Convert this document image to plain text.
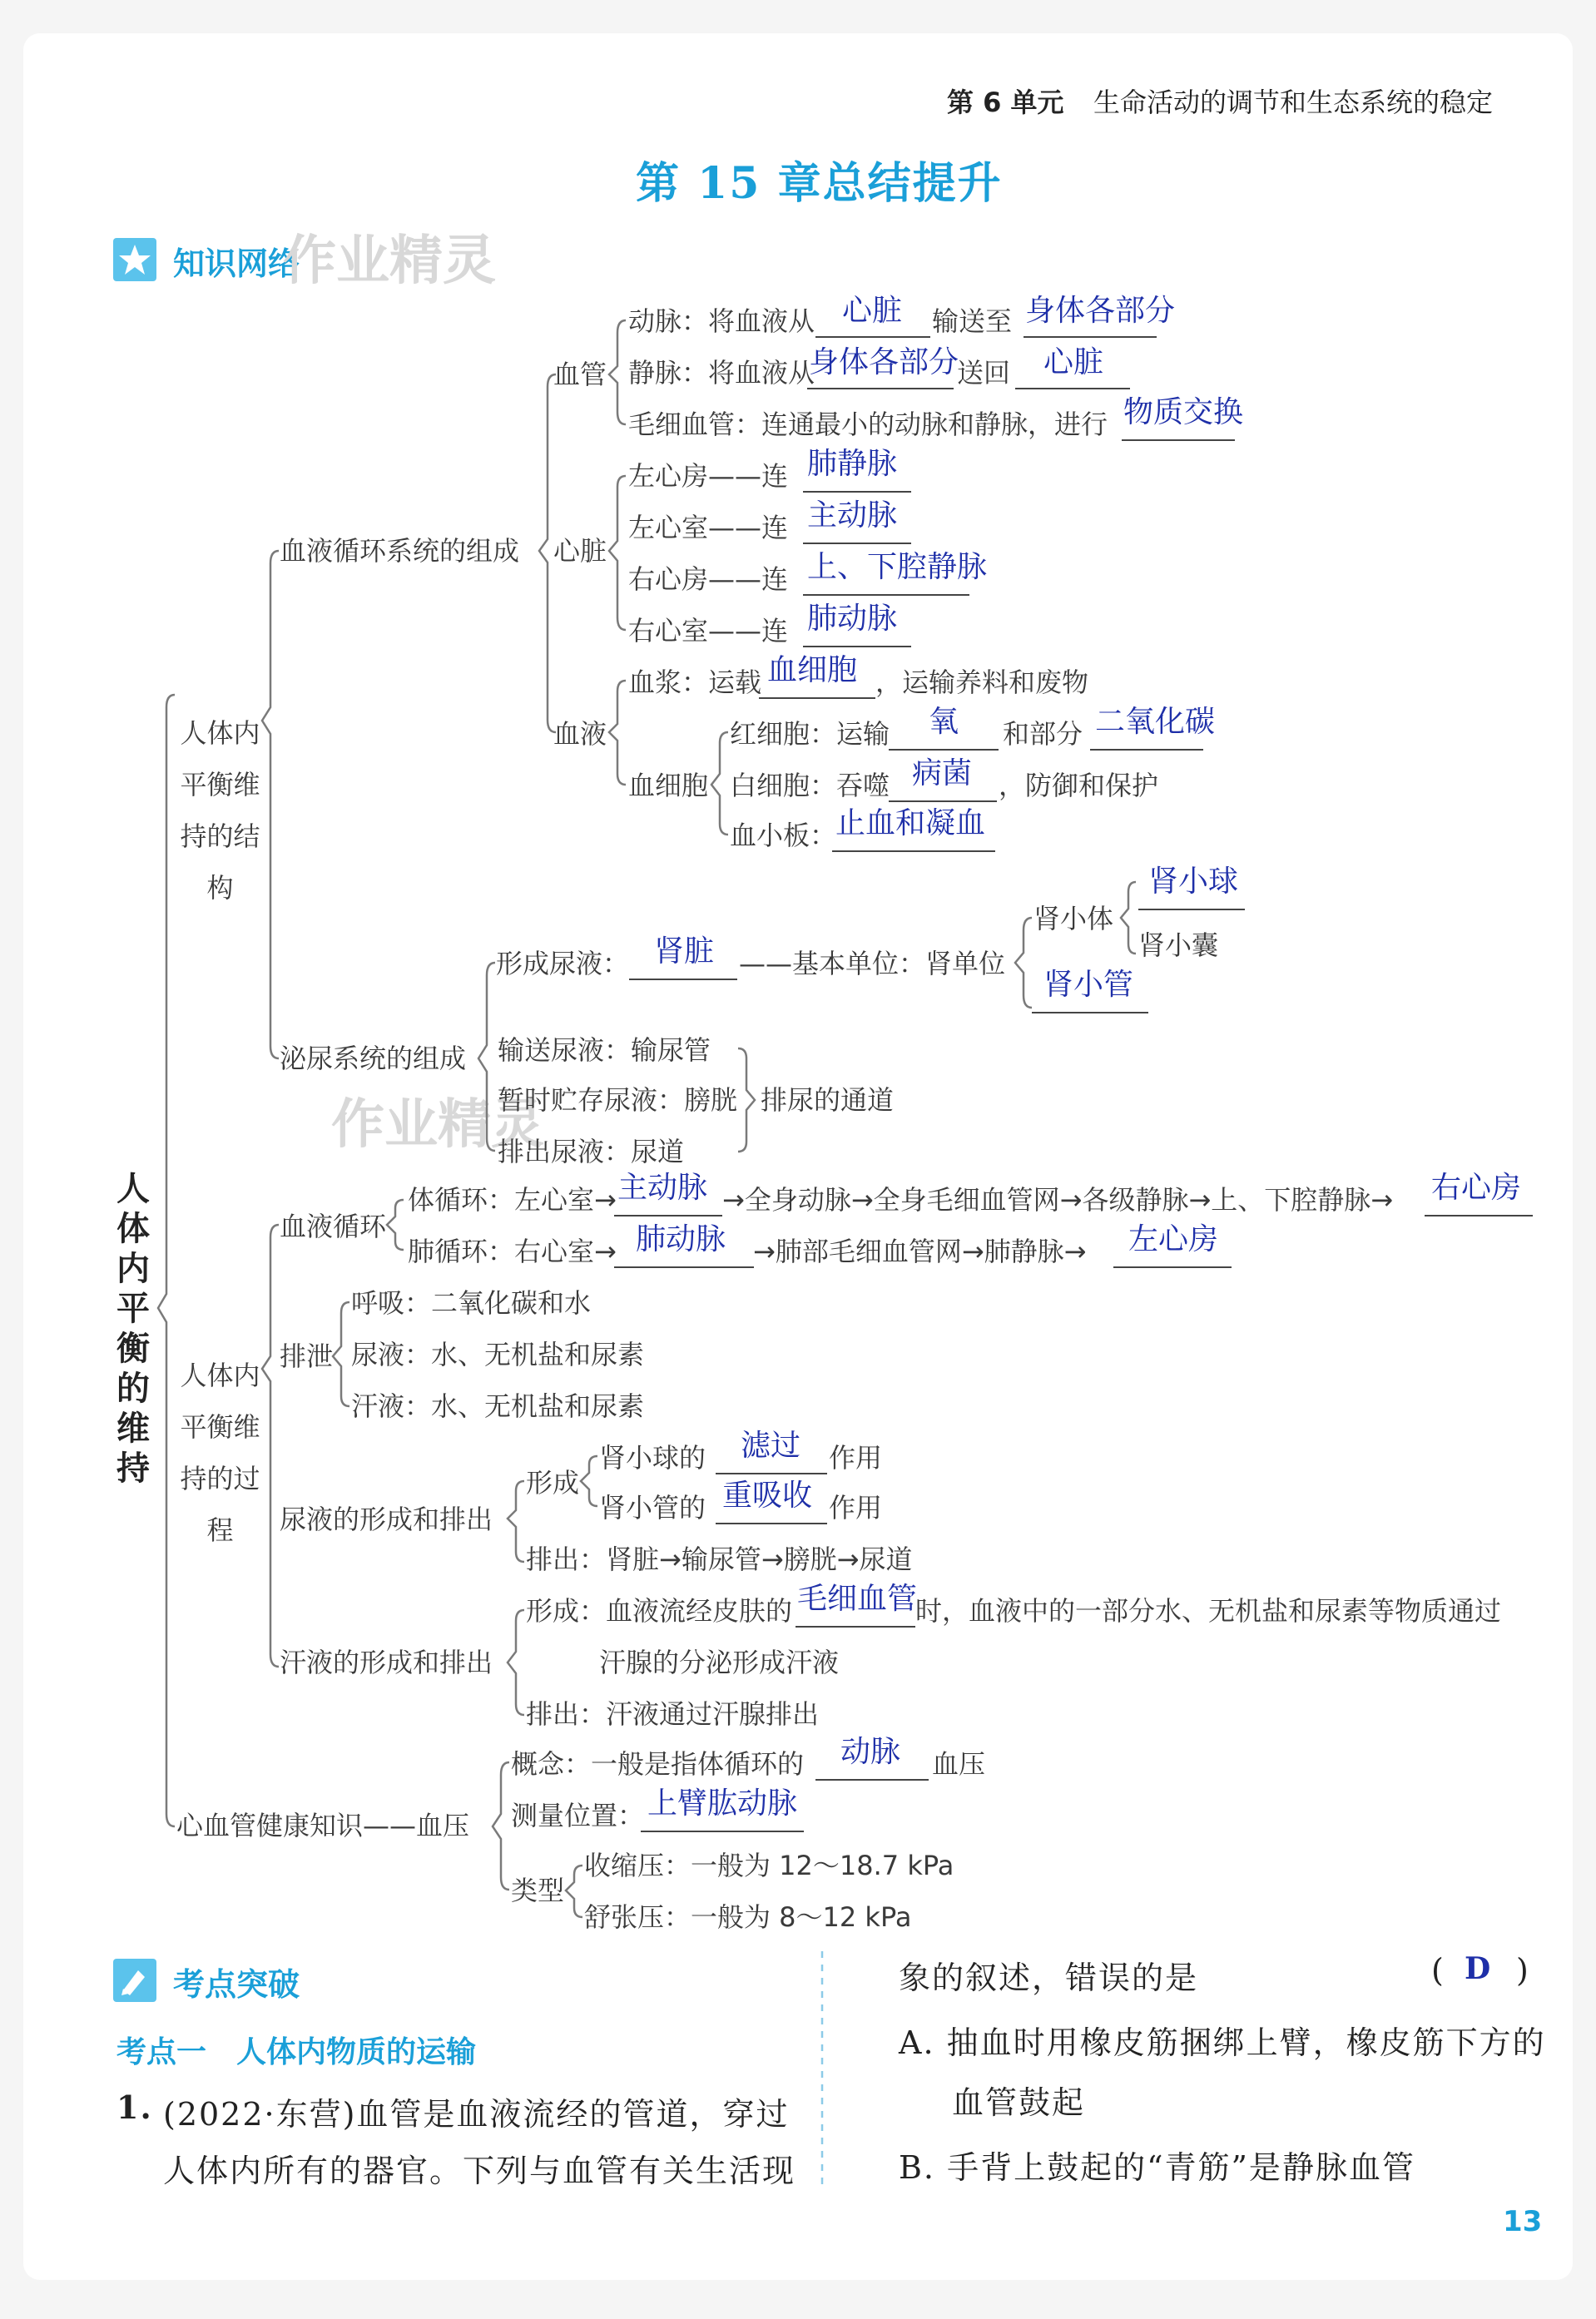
第 6 单元 生命活动的调节和生态系统的稳定
第 15 章总结提升
知识网络
作业精灵
作业精灵
人体内平衡的维持
人体内平衡维持的结构
人体内平衡维持的过程
血液循环系统的组成
血管
动脉：将血液从 心脏 输送至 身体各部分
静脉：将血液从
身体各部分
送回 心脏
毛细血管：连通最小的动脉和静脉，进行 物质交换
心脏
左心房——连 肺静脉
左心室——连 主动脉
右心房——连 上、下腔静脉
右心室——连 肺动脉
血液
血浆：运载 血细胞 ，运输养料和废物
血细胞
红细胞：运输 氧 和部分 二氧化碳
白细胞：吞噬 病菌 ，防御和保护
血小板：
止血和凝血
泌尿系统的组成
形成尿液： 肾脏 ——基本单位：肾单位
肾小体
肾小球
肾小囊
肾小管
输送尿液：输尿管
暂时贮存尿液：膀胱
排出尿液：尿道
排尿的通道
血液循环
体循环：左心室→ 主动脉 →全身动脉→全身毛细血管网→各级静脉→上、下腔静脉→ 右心房
肺循环：右心室→ 肺动脉 →肺部毛细血管网→肺静脉→ 左心房
排泄
呼吸：二氧化碳和水
尿液：水、无机盐和尿素
汗液：水、无机盐和尿素
尿液的形成和排出
形成
肾小球的 滤过 作用
肾小管的 重吸收 作用
排出：肾脏→输尿管→膀胱→尿道
汗液的形成和排出
形成：血液流经皮肤的 毛细血管
时，血液中的一部分水、无机盐和尿素等物质通过
汗腺的分泌形成汗液
排出：汗液通过汗腺排出
心血管健康知识——血压
概念：一般是指体循环的 动脉 血压
测量位置： 上臂肱动脉
类型
收缩压：一般为 12～18.7 kPa
舒张压：一般为 8～12 kPa
考点突破
考点一　人体内物质的运输
1. (2022·东营)血管是血液流经的管道，穿过
人体内所有的器官。下列与血管有关生活现
象的叙述，错误的是	( D )
A. 抽血时用橡皮筋捆绑上臂，橡皮筋下方的
血管鼓起
B. 手背上鼓起的“青筋”是静脉血管
13
